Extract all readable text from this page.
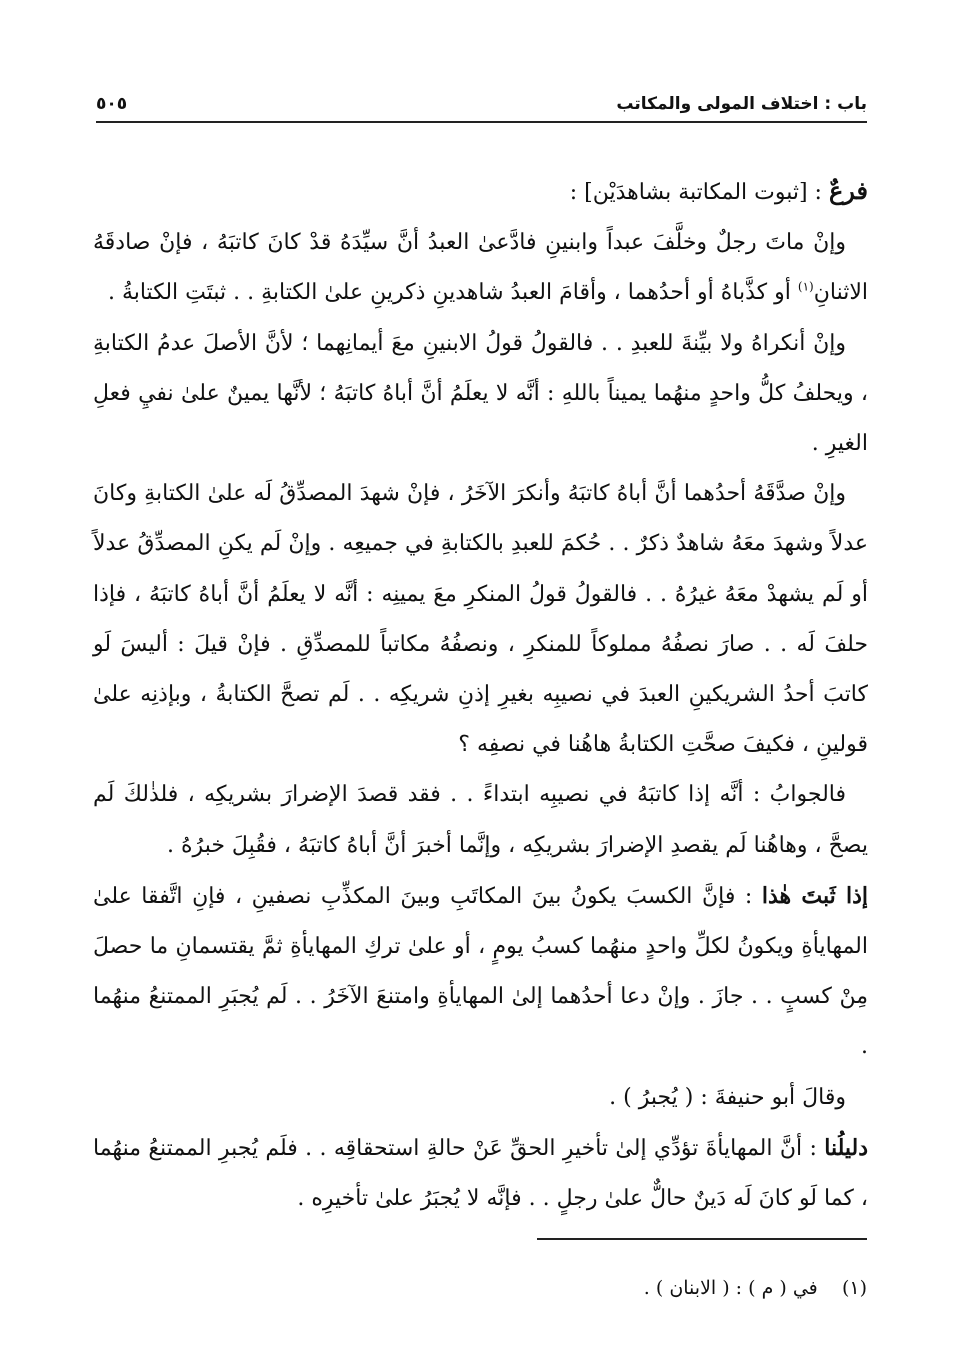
باب : اختلاف المولى والمكاتب
٥٠٥

فرعٌ : [ثبوت المكاتبة بشاهدَيْن] :

وإنْ ماتَ رجلٌ وخلَّفَ عبداً وابنينِ فادَّعىٰ العبدُ أنَّ سيِّدَهُ قدْ كانَ كاتبَهُ ، فإنْ صادقَهُ الاثنانِ$^{(١)}$ أو كذَّباهُ أو أحدُهما ، وأقامَ العبدُ شاهدينِ ذكرينِ علىٰ الكتابةِ . . ثبتَتِ الكتابةُ .

وإنْ أنكراهُ ولا بيِّنةَ للعبدِ . . فالقولُ قولُ الابنينِ معَ أيمانِهما ؛ لأنَّ الأصلَ عدمُ الكتابةِ ، ويحلفُ كلُّ واحدٍ منهُما يميناً باللهِ : أنَّه لا يعلَمُ أنَّ أباهُ كاتبَهُ ؛ لأنَّها يمينٌ علىٰ نفيِ فعلِ الغيرِ .

وإنْ صدَّقَهُ أحدُهما أنَّ أباهُ كاتبَهُ وأنكرَ الآخَرُ ، فإنْ شهدَ المصدِّقُ لَه علىٰ الكتابةِ وكانَ عدلاً وشهدَ معَهُ شاهدٌ ذكرٌ . . حُكمَ للعبدِ بالكتابةِ في جميعِه . وإنْ لَم يكنِ المصدِّقُ عدلاً أو لَم يشهدْ معَهُ غيرُهُ . . فالقولُ قولُ المنكرِ معَ يمينِه : أنَّه لا يعلَمُ أنَّ أباهُ كاتبَهُ ، فإذا حلفَ لَه . . صارَ نصفُهُ مملوكاً للمنكرِ ، ونصفُهُ مكاتباً للمصدِّقِ . فإنْ قيلَ : أليسَ لَو كاتبَ أحدُ الشريكينِ العبدَ في نصيبِه بغيرِ إذنِ شريكِه . . لَم تصحَّ الكتابةُ ، وبإذنِه علىٰ قولينِ ، فكيفَ صحَّتِ الكتابةُ هاهُنا في نصفِه ؟

فالجوابُ : أنَّه إذا كاتبَهُ في نصيبِه ابتداءً . . فقد قصدَ الإضرارَ بشريكِه ، فلذٰلكَ لَم يصحَّ ، وهاهُنا لَم يقصدِ الإضرارَ بشريكِه ، وإنَّما أخبرَ أنَّ أباهُ كاتبَهُ ، فقُبِلَ خبرُهُ .

إذا ثَبتَ هٰذا : فإنَّ الكسبَ يكونُ بينَ المكاتَبِ وبينَ المكذِّبِ نصفينِ ، فإنِ اتَّفقا علىٰ المهايأةِ ويكونُ لكلِّ واحدٍ منهُما كسبُ يومٍ ، أو علىٰ تركِ المهايأةِ ثمَّ يقتسمانِ ما حصلَ مِنْ كسبٍ . . جازَ . وإنْ دعا أحدُهما إلىٰ المهايأةِ وامتنعَ الآخَرُ . . لَم يُجبَرِ الممتنعُ منهُما .

وقالَ أبو حنيفةَ : ( يُجبرُ ) .

دليلُنا : أنَّ المهايأةَ تؤدِّي إلىٰ تأخيرِ الحقِّ عَنْ حالةِ استحقاقِه . . فلَم يُجبرِ الممتنعُ منهُما ، كما لَو كانَ لَه دَينٌ حالٌّ علىٰ رجلٍ . . فإنَّه لا يُجبَرُ علىٰ تأخيرِه .

(١)    في ( م ) : ( الابنان ) .
